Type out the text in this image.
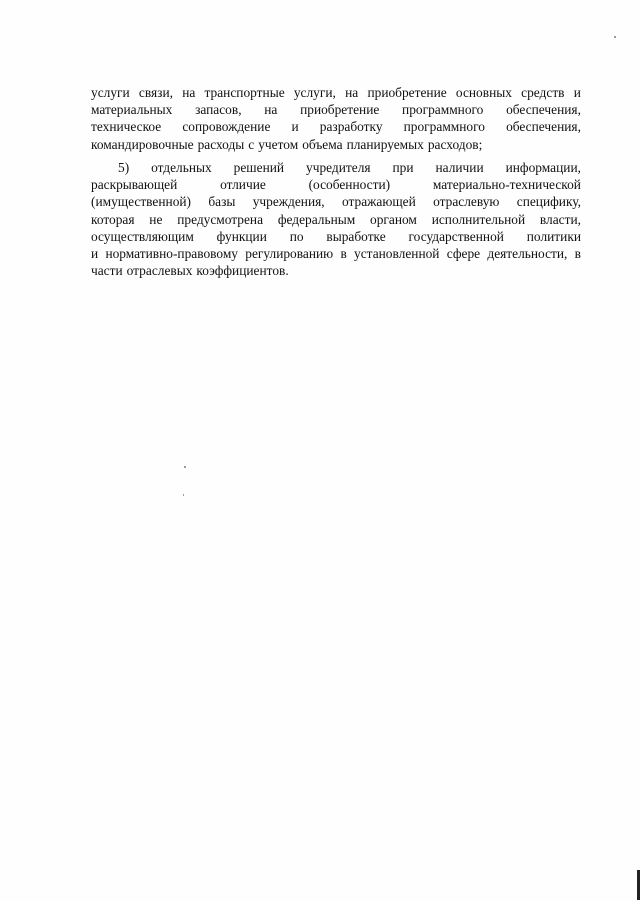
услуги связи, на транспортные услуги, на приобретение основных средств и
материальных запасов, на приобретение программного обеспечения,
техническое сопровождение и разработку программного обеспечения,
командировочные расходы с учетом объема планируемых расходов;
5) отдельных решений учредителя при наличии информации,
раскрывающей	отличие	(особенности)	материально-технической
(имущественной) базы учреждения, отражающей отраслевую специфику,
которая не предусмотрена федеральным органом исполнительной власти,
осуществляющим функции по выработке государственной политики
и нормативно-правовому регулированию в установленной сфере деятельности, в
части отраслевых коэффициентов.
